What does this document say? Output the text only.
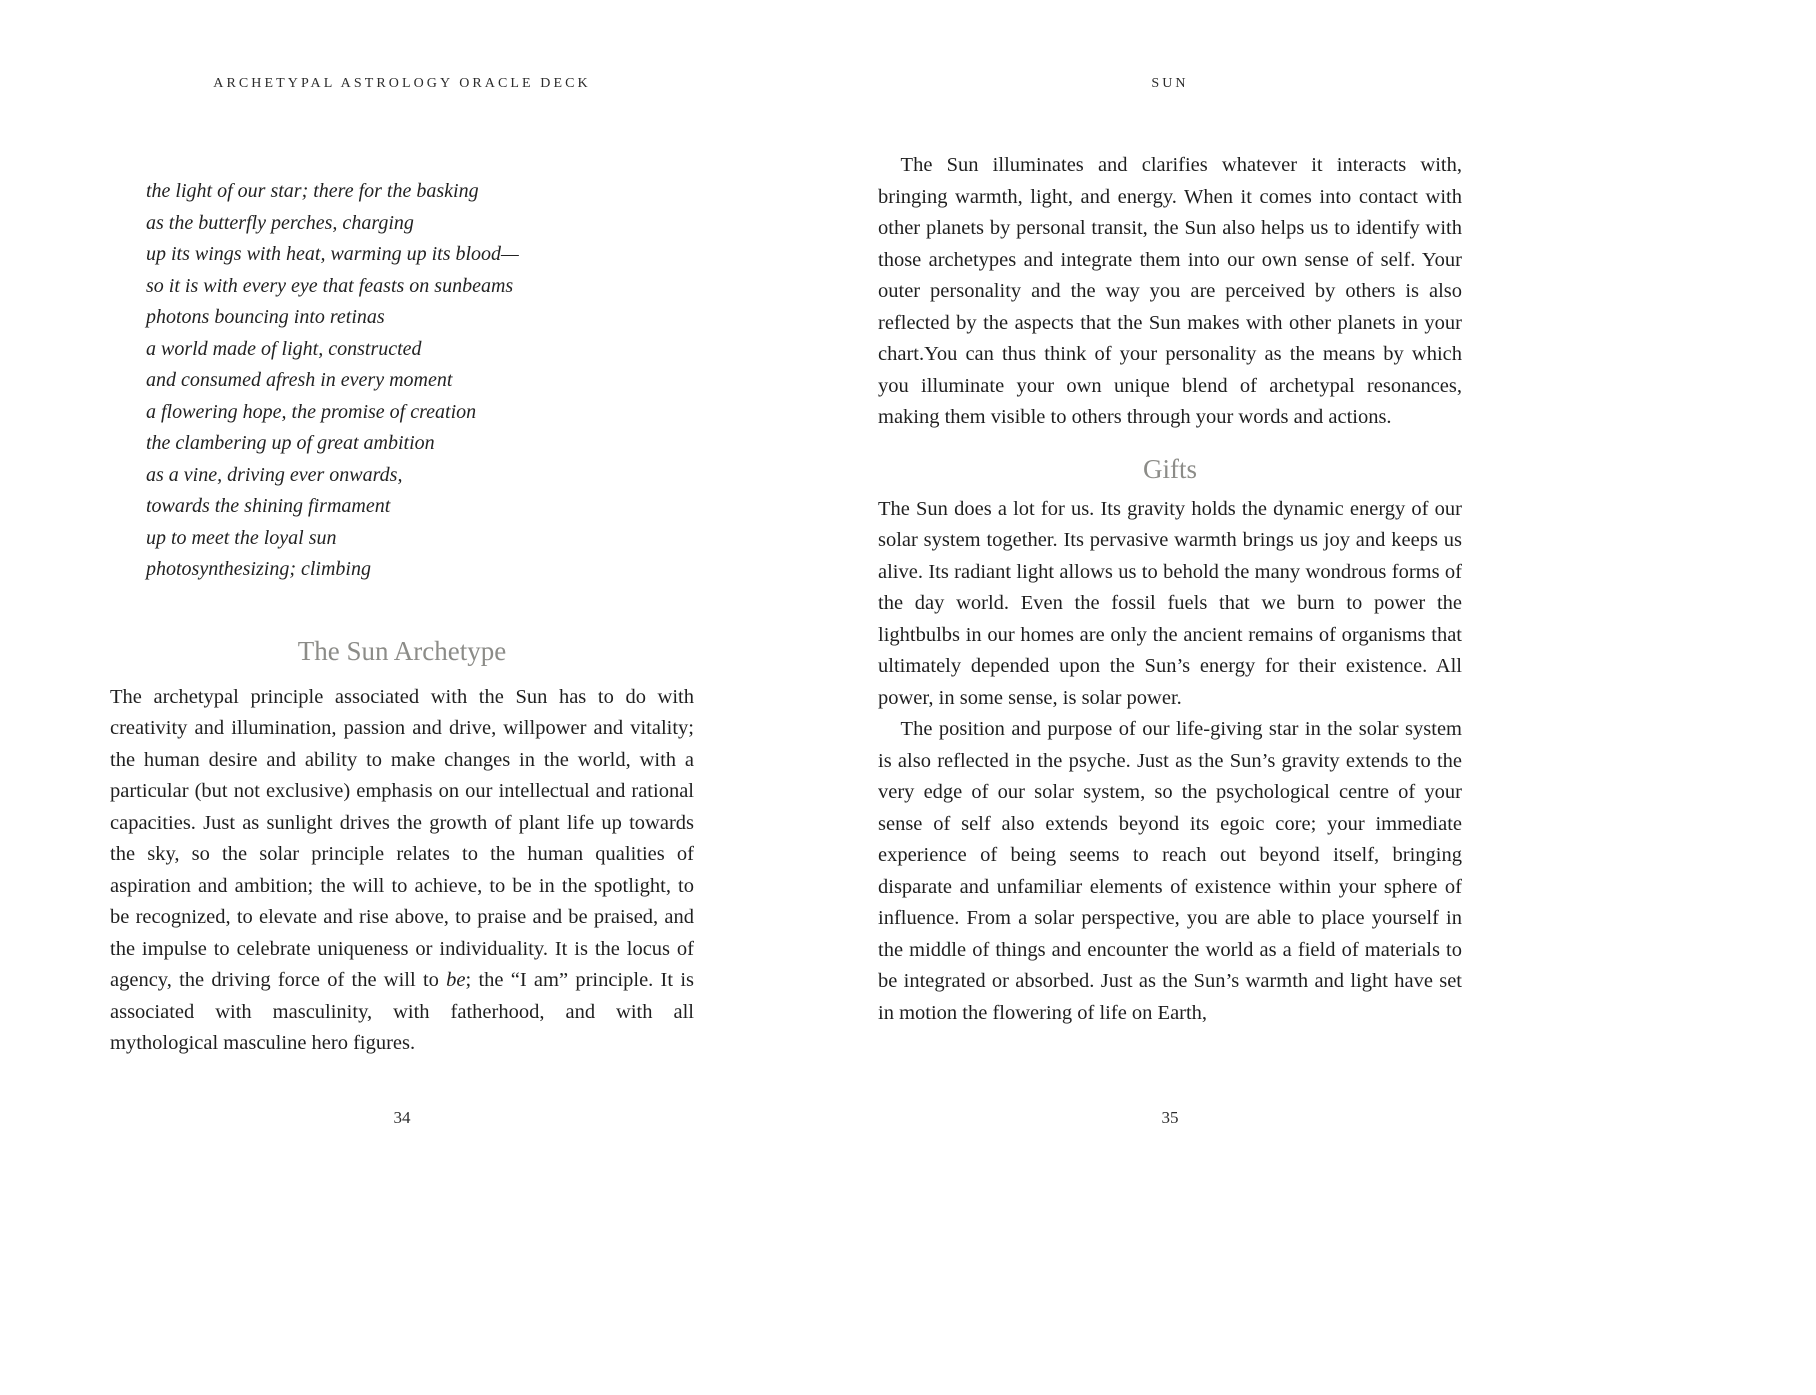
ARCHETYPAL ASTROLOGY ORACLE DECK
the light of our star; there for the basking
as the butterfly perches, charging
up its wings with heat, warming up its blood—
so it is with every eye that feasts on sunbeams
photons bouncing into retinas
a world made of light, constructed
and consumed afresh in every moment
a flowering hope, the promise of creation
the clambering up of great ambition
as a vine, driving ever onwards,
towards the shining firmament
up to meet the loyal sun
photosynthesizing; climbing
The Sun Archetype

The archetypal principle associated with the Sun has to do with creativity and illumination, passion and drive, willpower and vitality; the human desire and ability to make changes in the world, with a particular (but not exclusive) emphasis on our intellectual and rational capacities. Just as sunlight drives the growth of plant life up towards the sky, so the solar principle relates to the human qualities of aspiration and ambition; the will to achieve, to be in the spotlight, to be recognized, to elevate and rise above, to praise and be praised, and the impulse to celebrate uniqueness or individuality. It is the locus of agency, the driving force of the will to be; the “I am” principle. It is associated with masculinity, with fatherhood, and with all mythological masculine hero figures.

34
SUN

The Sun illuminates and clarifies whatever it interacts with, bringing warmth, light, and energy. When it comes into contact with other planets by personal transit, the Sun also helps us to identify with those archetypes and integrate them into our own sense of self. Your outer personality and the way you are perceived by others is also reflected by the aspects that the Sun makes with other planets in your chart.You can thus think of your personality as the means by which you illuminate your own unique blend of archetypal resonances, making them visible to others through your words and actions.

Gifts

The Sun does a lot for us. Its gravity holds the dynamic energy of our solar system together. Its pervasive warmth brings us joy and keeps us alive. Its radiant light allows us to behold the many wondrous forms of the day world. Even the fossil fuels that we burn to power the lightbulbs in our homes are only the ancient remains of organisms that ultimately depended upon the Sun’s energy for their existence. All power, in some sense, is solar power.

The position and purpose of our life-giving star in the solar system is also reflected in the psyche. Just as the Sun’s gravity extends to the very edge of our solar system, so the psychological centre of your sense of self also extends beyond its egoic core; your immediate experience of being seems to reach out beyond itself, bringing disparate and unfamiliar elements of existence within your sphere of influence. From a solar perspective, you are able to place yourself in the middle of things and encounter the world as a field of materials to be integrated or absorbed. Just as the Sun’s warmth and light have set in motion the flowering of life on Earth,

35
